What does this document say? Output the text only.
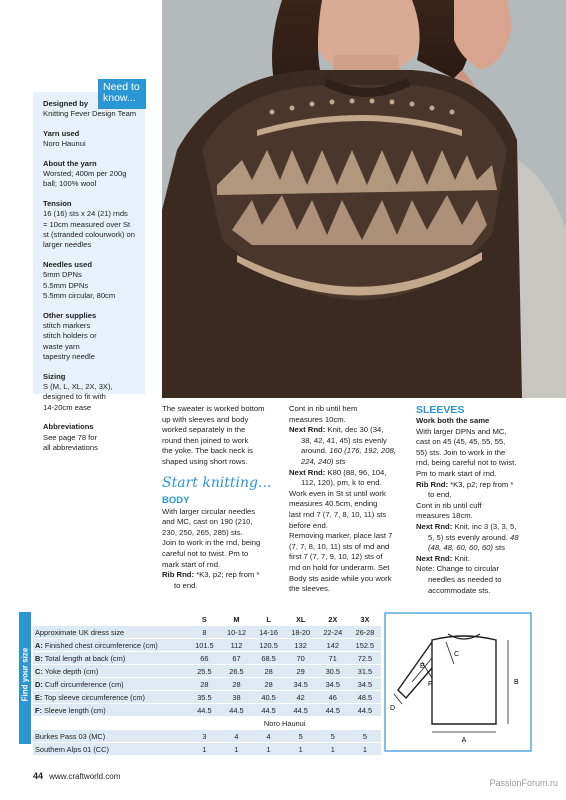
Need to
know...
Designed by
Knitting Fever Design Team
Yarn used
Noro Haunui
About the yarn
Worsted; 400m per 200g
ball; 100% wool
Tension
16 (16) sts x 24 (21) rnds
= 10cm measured over St
st (stranded colourwork) on
larger needles
Needles used
5mm DPNs
5.5mm DPNs
5.5mm circular, 80cm
Other supplies
stitch markers
stitch holders or
waste yarn
tapestry needle
Sizing
S (M, L, XL, 2X, 3X),
designed to fit with
14-20cm ease
Abbreviations
See page 78 for
all abbreviations

The sweater is worked bottom

up with sleeves and body

worked separately in the

round then joined to work

the yoke. The back neck is

shaped using short rows.

Start knitting...
BODY

With larger circular needles

and MC, cast on 190 (210,

230, 250, 265, 285) sts.

Join to work in the rnd, being

careful not to twist. Pm to

mark start of rnd.

Rib Rnd: *K3, p2; rep from *

to end.

Cont in rib until hem

measures 10cm.

Next Rnd: Knit, dec 30 (34,

38, 42, 41, 45) sts evenly

around. 160 (176, 192, 208,

224, 240) sts

Next Rnd: K80 (88, 96, 104,

112, 120), pm, k to end.

Work even in St st until work

measures 40.5cm, ending

last rnd 7 (7, 7, 8, 10, 11) sts

before end.

Removing marker, place last 7

(7, 7, 8, 10, 11) sts of rnd and

first 7 (7, 7, 9, 10, 12) sts of

rnd on hold for underarm. Set

Body sts aside while you work

the sleeves.

SLEEVES

Work both the same

With larger DPNs and MC,

cast on 45 (45, 45, 55, 55,

55) sts. Join to work in the

rnd, being careful not to twist.

Pm to mark start of rnd.

Rib Rnd: *K3, p2; rep from *

to end.

Cont in rib until cuff

measures 18cm.

Next Rnd: Knit, inc 3 (3, 3, 5,

5, 5) sts evenly around. 48

(48, 48, 60, 60, 60) sts

Next Rnd: Knit.

Note: Change to circular

needles as needed to

accommodate sts.

Find your size
	S	M	L	XL	2X	3X
Approximate UK dress size	8	10-12	14-16	18-20	22-24	26-28
A: Finished chest circumference (cm)	101.5	112	120.5	132	142	152.5
B: Total length at back (cm)	66	67	68.5	70	71	72.5
C: Yoke depth (cm)	25.5	26.5	28	29	30.5	31.5
D: Cuff circumference (cm)	28	28	28	34.5	34.5	34.5
E: Top sleeve circumference (cm)	35.5	38	40.5	42	46	48.5
F: Sleeve length (cm)	44.5	44.5	44.5	44.5	44.5	44.5
	Noro Haunui					
Burkes Pass 03 (MC)	3	4	4	5	5	5
Southern Alps 01 (CC)	1	1	1	1	1	1
A
B
C
D
E
F
44 www.craftworld.com
PassionForum.ru
